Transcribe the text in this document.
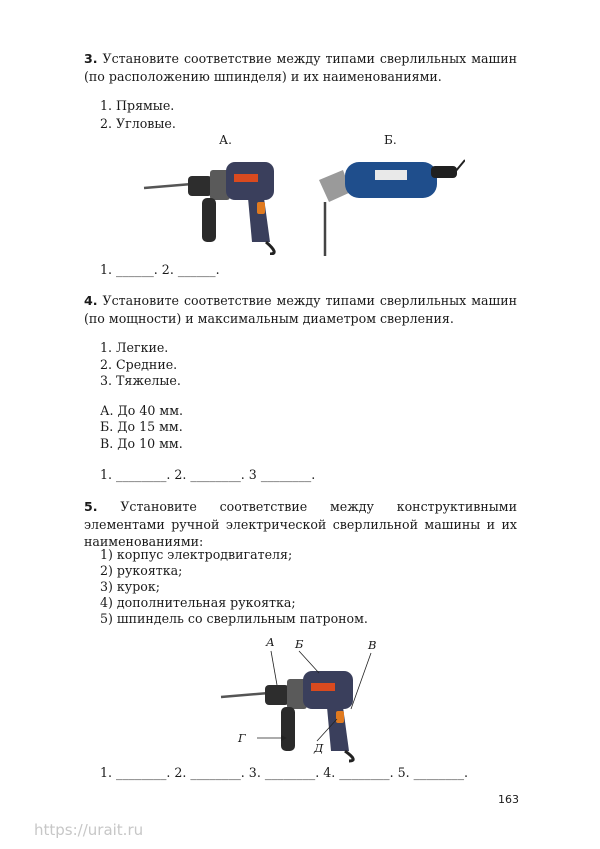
3. Установите соответствие между типами сверлильных машин (по расположению шпинделя) и их наименованиями.
1. Прямые.
2. Угловые.
А.	Б.
1. ______. 2. ______.
4. Установите соответствие между типами сверлильных машин (по мощности) и максимальным диаметром сверления.
1. Легкие.
2. Средние.
3. Тяжелые.
А. До 40 мм.
Б. До 15 мм.
В. До 10 мм.
1. ________. 2. ________. 3 ________.
5. Установите соответствие между конструктивными элементами ручной электрической сверлильной машины и их наименованиями:
1) корпус электродвигателя;
2) рукоятка;
3) курок;
4) дополнительная рукоятка;
5) шпиндель со сверлильным патроном.
А Б	В
Г
Д
1. ________. 2. ________. 3. ________. 4. ________. 5. ________.
163
https://urait.ru
